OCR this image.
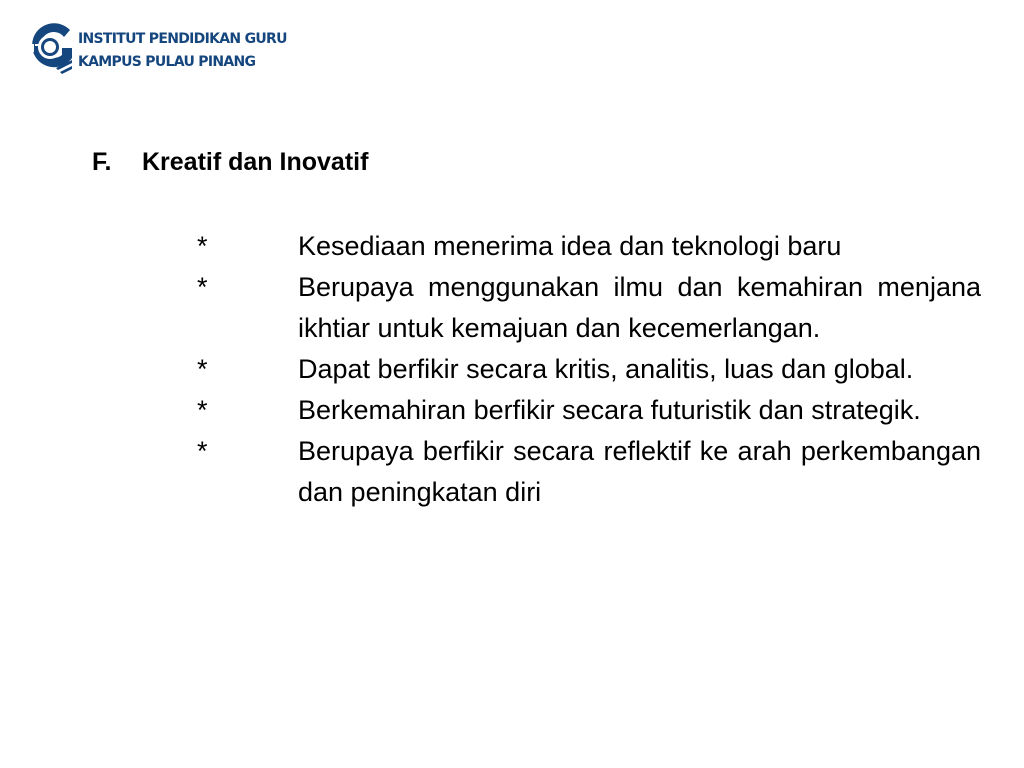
INSTITUT PENDIDIKAN GURU
KAMPUS PULAU PINANG
F. Kreatif dan Inovatif
*	Kesediaan menerima idea dan teknologi baru
*	Berupaya menggunakan ilmu dan kemahiran menjana ikhtiar untuk kemajuan dan kecemerlangan.
*	Dapat berfikir secara kritis, analitis, luas dan global.
*	Berkemahiran berfikir secara futuristik dan strategik.
*	Berupaya berfikir secara reflektif ke arah perkembangan dan peningkatan diri
